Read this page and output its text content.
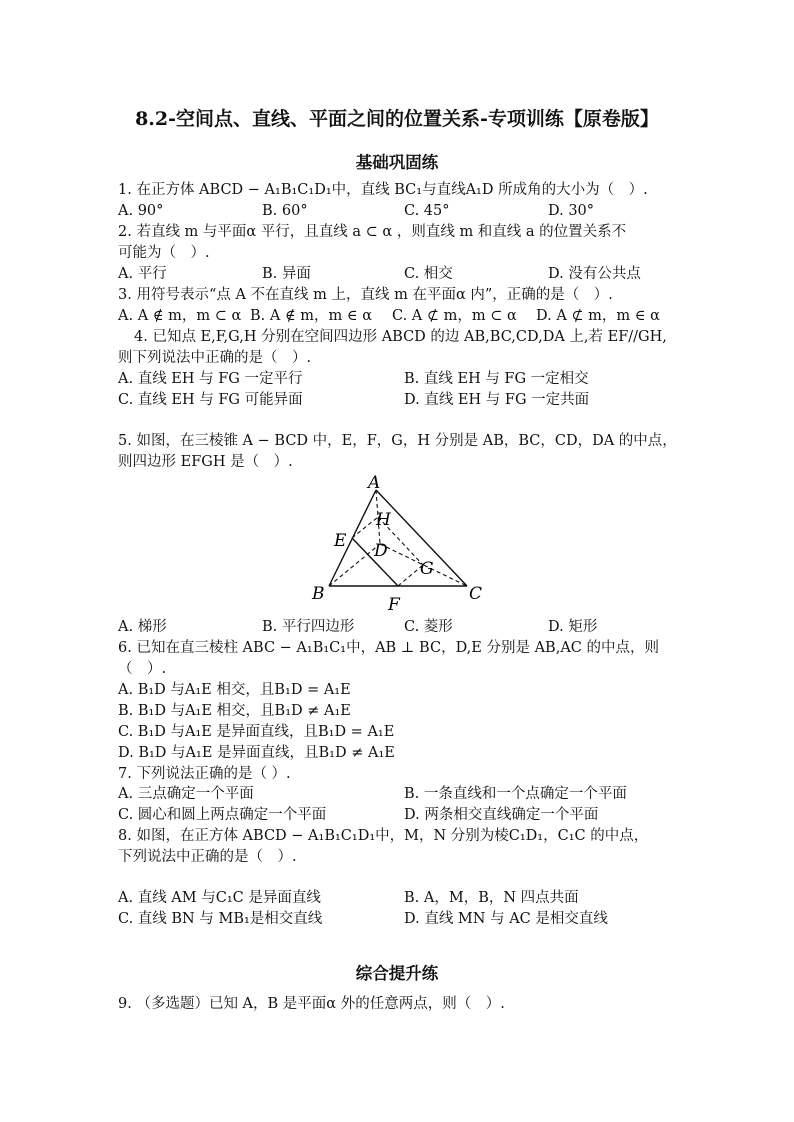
8.2-空间点、直线、平面之间的位置关系-专项训练【原卷版】
基础巩固练
1. 在正方体 ABCD − A₁B₁C₁D₁中，直线 BC₁与直线A₁D 所成角的大小为（　）.
A. 90°	B. 60°	C. 45°	D. 30°
2. 若直线 m 与平面α 平行，且直线 a ⊂ α ，则直线 m 和直线 a 的位置关系不
可能为（　）.
A. 平行	B. 异面	C. 相交	D. 没有公共点
3. 用符号表示“点 A 不在直线 m 上，直线 m 在平面α 内”，正确的是（　）.
A. A ∉ m，m ⊂ α B. A ∉ m，m ∈ α C. A ⊄ m，m ⊂ α D. A ⊄ m，m ∈ α
4. 已知点 E,F,G,H 分别在空间四边形 ABCD 的边 AB,BC,CD,DA 上,若 EF//GH,
则下列说法中正确的是（　）.
A. 直线 EH 与 FG 一定平行	B. 直线 EH 与 FG 一定相交
C. 直线 EH 与 FG 可能异面	D. 直线 EH 与 FG 一定共面
5. 如图，在三棱锥 A − BCD 中，E，F，G，H 分别是 AB，BC，CD，DA 的中点，
则四边形 EFGH 是（　）.
A
B	C
D
E
F
G
H
A. 梯形	B. 平行四边形	C. 菱形	D. 矩形
6. 已知在直三棱柱 ABC − A₁B₁C₁中，AB ⊥ BC，D,E 分别是 AB,AC 的中点，则
（　）.
A. B₁D 与A₁E 相交，且B₁D = A₁E
B. B₁D 与A₁E 相交，且B₁D ≠ A₁E
C. B₁D 与A₁E 是异面直线，且B₁D = A₁E
D. B₁D 与A₁E 是异面直线，且B₁D ≠ A₁E
7. 下列说法正确的是（ ）.
A. 三点确定一个平面	B. 一条直线和一个点确定一个平面
C. 圆心和圆上两点确定一个平面	D. 两条相交直线确定一个平面
8. 如图，在正方体 ABCD − A₁B₁C₁D₁中，M，N 分别为棱C₁D₁，C₁C 的中点，
下列说法中正确的是（　）.
A. 直线 AM 与C₁C 是异面直线	B. A，M，B，N 四点共面
C. 直线 BN 与 MB₁是相交直线	D. 直线 MN 与 AC 是相交直线
综合提升练
9. （多选题）已知 A，B 是平面α 外的任意两点，则（　）.
